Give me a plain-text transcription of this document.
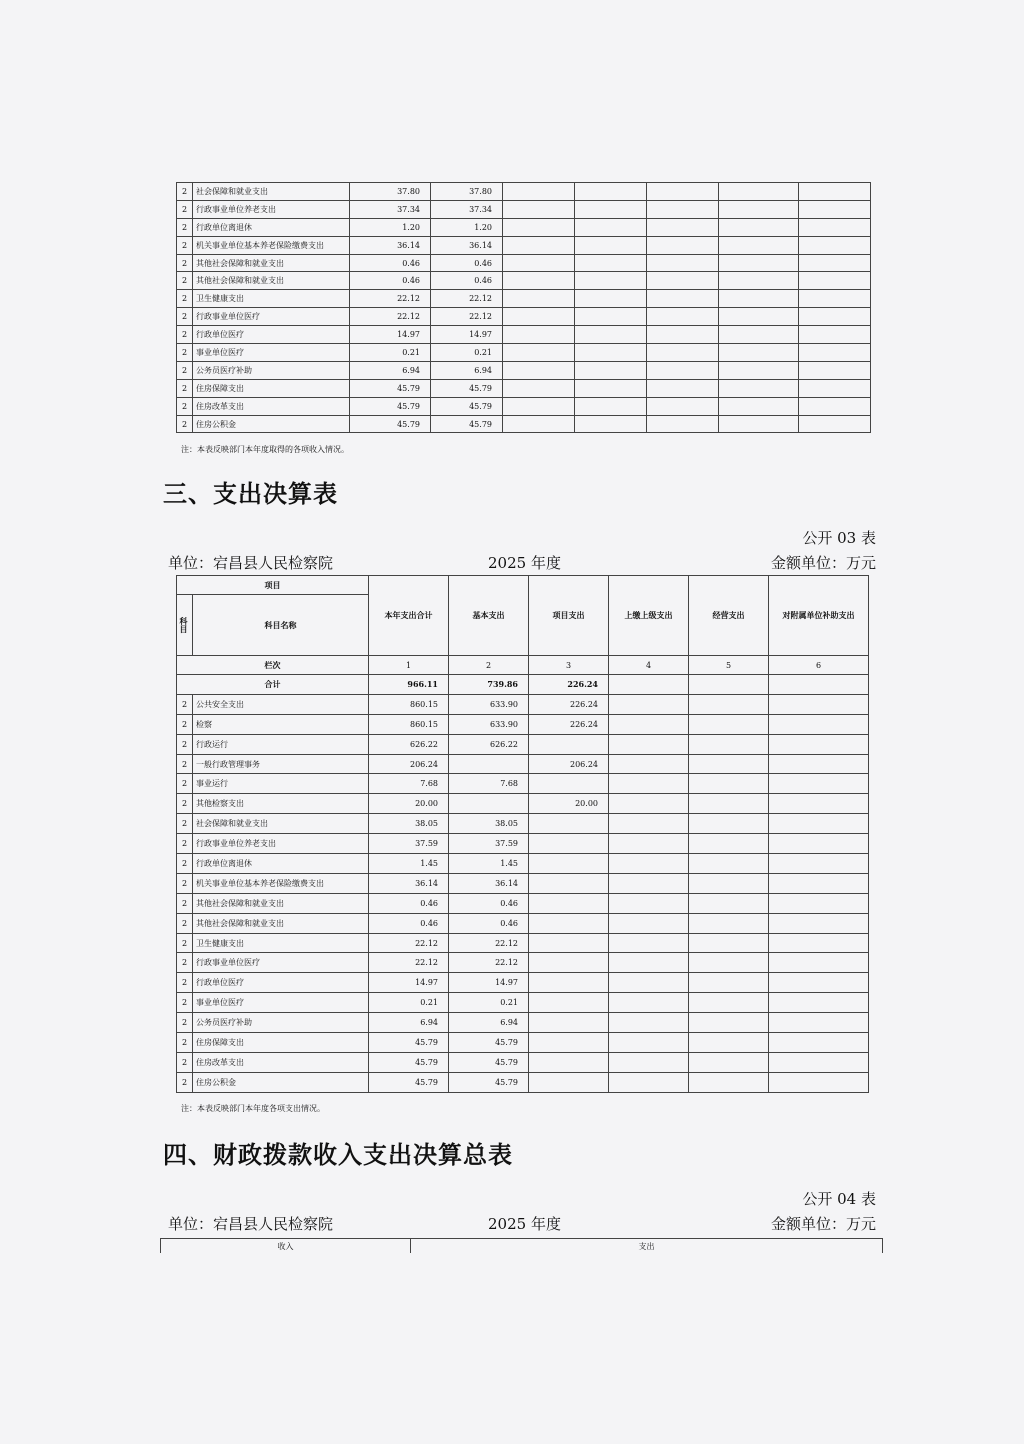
2	社会保障和就业支出	37.80	37.80					
2	行政事业单位养老支出	37.34	37.34					
2	行政单位离退休	1.20	1.20					
2	机关事业单位基本养老保险缴费支出	36.14	36.14					
2	其他社会保障和就业支出	0.46	0.46					
2	其他社会保障和就业支出	0.46	0.46					
2	卫生健康支出	22.12	22.12					
2	行政事业单位医疗	22.12	22.12					
2	行政单位医疗	14.97	14.97					
2	事业单位医疗	0.21	0.21					
2	公务员医疗补助	6.94	6.94					
2	住房保障支出	45.79	45.79					
2	住房改革支出	45.79	45.79					
2	住房公积金	45.79	45.79					
注：本表反映部门本年度取得的各项收入情况。
三、支出决算表
公开 03 表
单位：宕昌县人民检察院	2025 年度	金额单位：万元
项目		本年支出合计	基本支出	项目支出	上缴上级支出	经营支出	对附属单位补助支出
科目	科目名称						
栏次		1	2	3	4	5	6
合计		966.11	739.86	226.24			
2	公共安全支出	860.15	633.90	226.24			
2	检察	860.15	633.90	226.24			
2	行政运行	626.22	626.22				
2	一般行政管理事务	206.24		206.24			
2	事业运行	7.68	7.68				
2	其他检察支出	20.00		20.00			
2	社会保障和就业支出	38.05	38.05				
2	行政事业单位养老支出	37.59	37.59				
2	行政单位离退休	1.45	1.45				
2	机关事业单位基本养老保险缴费支出	36.14	36.14				
2	其他社会保障和就业支出	0.46	0.46				
2	其他社会保障和就业支出	0.46	0.46				
2	卫生健康支出	22.12	22.12				
2	行政事业单位医疗	22.12	22.12				
2	行政单位医疗	14.97	14.97				
2	事业单位医疗	0.21	0.21				
2	公务员医疗补助	6.94	6.94				
2	住房保障支出	45.79	45.79				
2	住房改革支出	45.79	45.79				
2	住房公积金	45.79	45.79				
注：本表反映部门本年度各项支出情况。
四、财政拨款收入支出决算总表
公开 04 表
单位：宕昌县人民检察院	2025 年度	金额单位：万元
收入	支出
